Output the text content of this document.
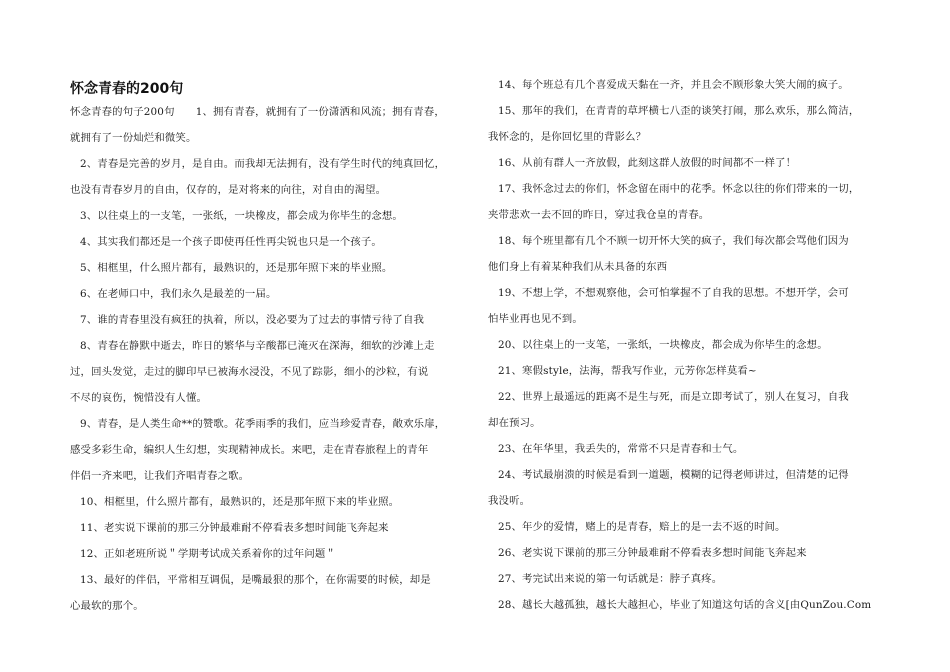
怀念青春的200句
怀念青春的句子200句　　1、拥有青春，就拥有了一份潇洒和风流；拥有青春，
就拥有了一份灿烂和微笑。
2、青春是完善的岁月，是自由。而我却无法拥有，没有学生时代的纯真回忆，
也没有青春岁月的自由，仅存的，是对将来的向往，对自由的渴望。
3、以往桌上的一支笔，一张纸，一块橡皮，都会成为你毕生的念想。
4、其实我们都还是一个孩子即使再任性再尖锐也只是一个孩子。
5、相框里，什么照片都有，最熟识的，还是那年照下来的毕业照。
6、在老师口中，我们永久是最差的一届。
7、谁的青春里没有疯狂的执着，所以，没必要为了过去的事情亏待了自我
8、青春在静默中逝去，昨日的繁华与辛酸都已淹灭在深海，细软的沙滩上走
过，回头发觉，走过的脚印早已被海水浸没，不见了踪影，细小的沙粒，有说
不尽的哀伤，惋惜没有人懂。
9、青春，是人类生命**的赞歌。花季雨季的我们，应当珍爱青春，敞欢乐扉，
感受多彩生命，编织人生幻想，实现精神成长。来吧，走在青春旅程上的青年
伴侣一齐来吧，让我们齐唱青春之歌。
10、相框里，什么照片都有，最熟识的，还是那年照下来的毕业照。
11、老实说下课前的那三分钟最难耐不停看表多想时间能飞奔起来
12、正如老班所说＂学期考试成关系着你的过年问题＂
13、最好的伴侣，平常相互调侃，是嘴最狠的那个，在你需要的时候，却是
心最软的那个。
14、每个班总有几个喜爱成天黏在一齐，并且会不顾形象大笑大闹的疯子。
15、那年的我们，在青青的草坪横七八歪的谈笑打闹，那么欢乐，那么简洁，
我怀念的，是你回忆里的背影么？
16、从前有群人一齐放假，此刻这群人放假的时间都不一样了！
17、我怀念过去的你们，怀念留在雨中的花季。怀念以往的你们带来的一切，
夹带悲欢一去不回的昨日，穿过我仓皇的青春。
18、每个班里都有几个不顾一切开怀大笑的疯子，我们每次都会骂他们因为
他们身上有着某种我们从未具备的东西
19、不想上学，不想观察他，会可怕掌握不了自我的思想。不想开学，会可
怕毕业再也见不到。
20、以往桌上的一支笔，一张纸，一块橡皮，都会成为你毕生的念想。
21、寒假style，法海，帮我写作业，元芳你怎样莫看~
22、世界上最遥远的距离不是生与死，而是立即考试了，别人在复习，自我
却在预习。
23、在年华里，我丢失的，常常不只是青春和士气。
24、考试最崩溃的时候是看到一道题，模糊的记得老师讲过，但清楚的记得
我没听。
25、年少的爱情，赌上的是青春，赔上的是一去不返的时间。
26、老实说下课前的那三分钟最难耐不停看表多想时间能飞奔起来
27、考完试出来说的第一句话就是：脖子真疼。
28、越长大越孤独，越长大越担心，毕业了知道这句话的含义[由QunZou.Com
